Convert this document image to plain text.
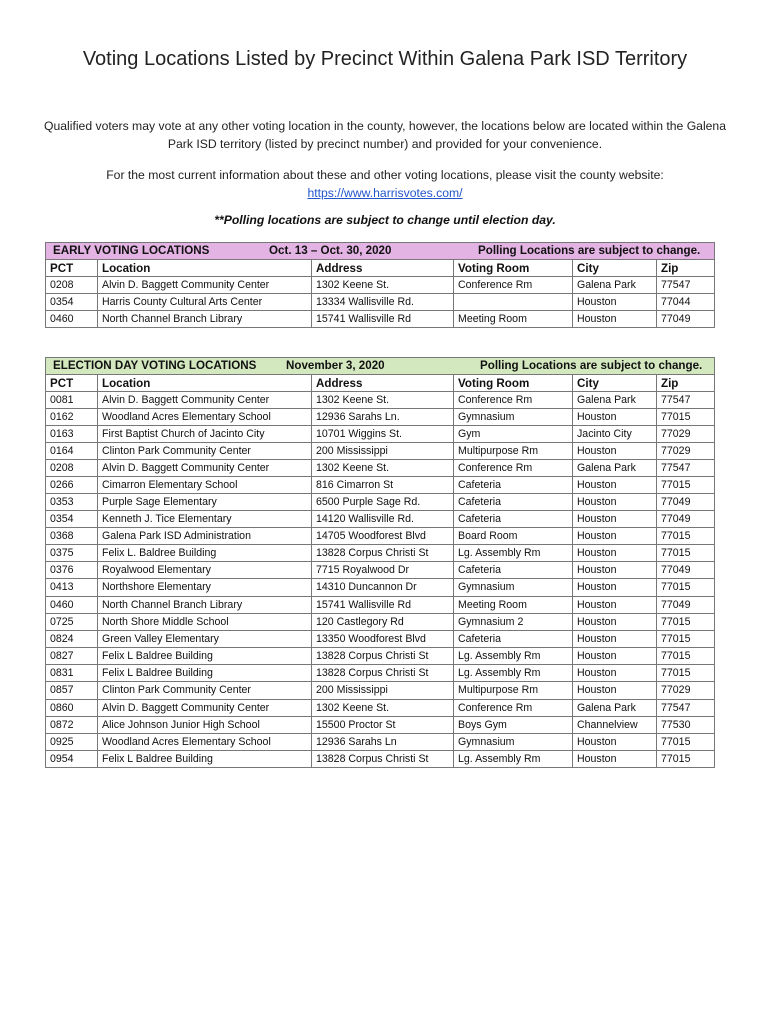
Voting Locations Listed by Precinct Within Galena Park ISD Territory
Qualified voters may vote at any other voting location in the county, however, the locations below are located within the Galena Park ISD territory (listed by precinct number) and provided for your convenience.
For the most current information about these and other voting locations, please visit the county website:
https://www.harrisvotes.com/
**Polling locations are subject to change until election day.
EARLY VOTING LOCATIONS Oct. 13 – Oct. 30, 2020 Polling Locations are subject to change.					

PCT	Location	Address	Voting Room	City	Zip
0208	Alvin D. Baggett Community Center	1302 Keene St.	Conference Rm	Galena Park	77547
0354	Harris County Cultural Arts Center	13334 Wallisville Rd.		Houston	77044
0460	North Channel Branch Library	15741 Wallisville Rd	Meeting Room	Houston	77049
ELECTION DAY VOTING LOCATIONS November 3, 2020 Polling Locations are subject to change.					

PCT	Location	Address	Voting Room	City	Zip
0081	Alvin D. Baggett Community Center	1302 Keene St.	Conference Rm	Galena Park	77547
0162	Woodland Acres Elementary School	12936 Sarahs Ln.	Gymnasium	Houston	77015
0163	First Baptist Church of Jacinto City	10701 Wiggins St.	Gym	Jacinto City	77029
0164	Clinton Park Community Center	200 Mississippi	Multipurpose Rm	Houston	77029
0208	Alvin D. Baggett Community Center	1302 Keene St.	Conference Rm	Galena Park	77547
0266	Cimarron Elementary School	816 Cimarron St	Cafeteria	Houston	77015
0353	Purple Sage Elementary	6500 Purple Sage Rd.	Cafeteria	Houston	77049
0354	Kenneth J. Tice Elementary	14120 Wallisville Rd.	Cafeteria	Houston	77049
0368	Galena Park ISD Administration	14705 Woodforest Blvd	Board Room	Houston	77015
0375	Felix L. Baldree Building	13828 Corpus Christi St	Lg. Assembly Rm	Houston	77015
0376	Royalwood Elementary	7715 Royalwood Dr	Cafeteria	Houston	77049
0413	Northshore Elementary	14310 Duncannon Dr	Gymnasium	Houston	77015
0460	North Channel Branch Library	15741 Wallisville Rd	Meeting Room	Houston	77049
0725	North Shore Middle School	120 Castlegory Rd	Gymnasium 2	Houston	77015
0824	Green Valley Elementary	13350 Woodforest Blvd	Cafeteria	Houston	77015
0827	Felix L Baldree Building	13828 Corpus Christi St	Lg. Assembly Rm	Houston	77015
0831	Felix L Baldree Building	13828 Corpus Christi St	Lg. Assembly Rm	Houston	77015
0857	Clinton Park Community Center	200 Mississippi	Multipurpose Rm	Houston	77029
0860	Alvin D. Baggett Community Center	1302 Keene St.	Conference Rm	Galena Park	77547
0872	Alice Johnson Junior High School	15500 Proctor St	Boys Gym	Channelview	77530
0925	Woodland Acres Elementary School	12936 Sarahs Ln	Gymnasium	Houston	77015
0954	Felix L Baldree Building	13828 Corpus Christi St	Lg. Assembly Rm	Houston	77015
